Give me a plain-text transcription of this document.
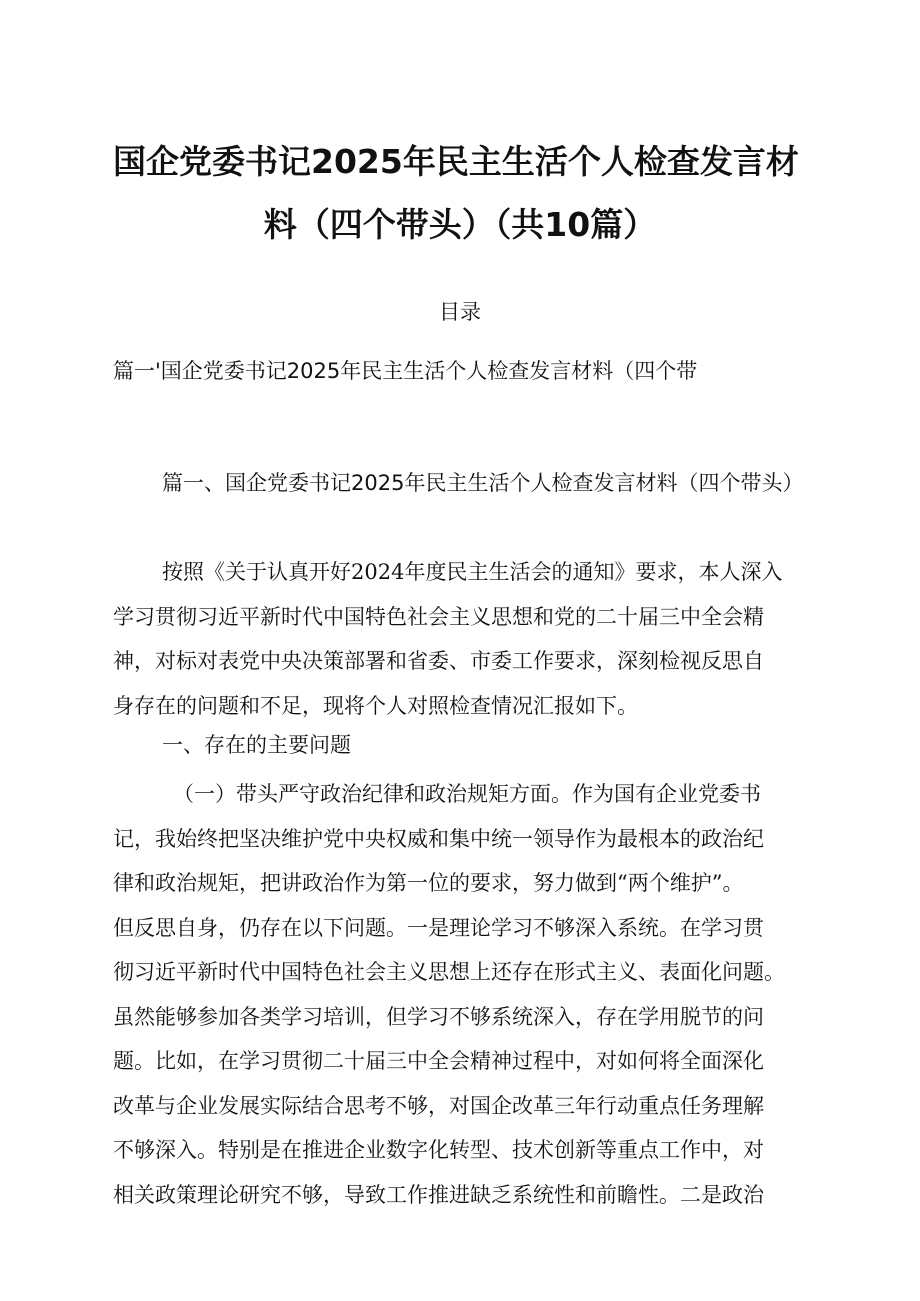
国企党委书记2025年民主生活个人检查发言材
料（四个带头）（共10篇）
目录
篇一'国企党委书记2025年民主生活个人检查发言材料（四个带
篇一、国企党委书记2025年民主生活个人检查发言材料（四个带头）
按照《关于认真开好2024年度民主生活会的通知》要求，本人深入
学习贯彻习近平新时代中国特色社会主义思想和党的二十届三中全会精
神，对标对表党中央决策部署和省委、市委工作要求，深刻检视反思自
身存在的问题和不足，现将个人对照检查情况汇报如下。
一、存在的主要问题
（一）带头严守政治纪律和政治规矩方面。作为国有企业党委书
记，我始终把坚决维护党中央权威和集中统一领导作为最根本的政治纪
律和政治规矩，把讲政治作为第一位的要求，努力做到“两个维护”。
但反思自身，仍存在以下问题。一是理论学习不够深入系统。在学习贯
彻习近平新时代中国特色社会主义思想上还存在形式主义、表面化问题。
虽然能够参加各类学习培训，但学习不够系统深入，存在学用脱节的问
题。比如，在学习贯彻二十届三中全会精神过程中，对如何将全面深化
改革与企业发展实际结合思考不够，对国企改革三年行动重点任务理解
不够深入。特别是在推进企业数字化转型、技术创新等重点工作中，对
相关政策理论研究不够，导致工作推进缺乏系统性和前瞻性。二是政治
